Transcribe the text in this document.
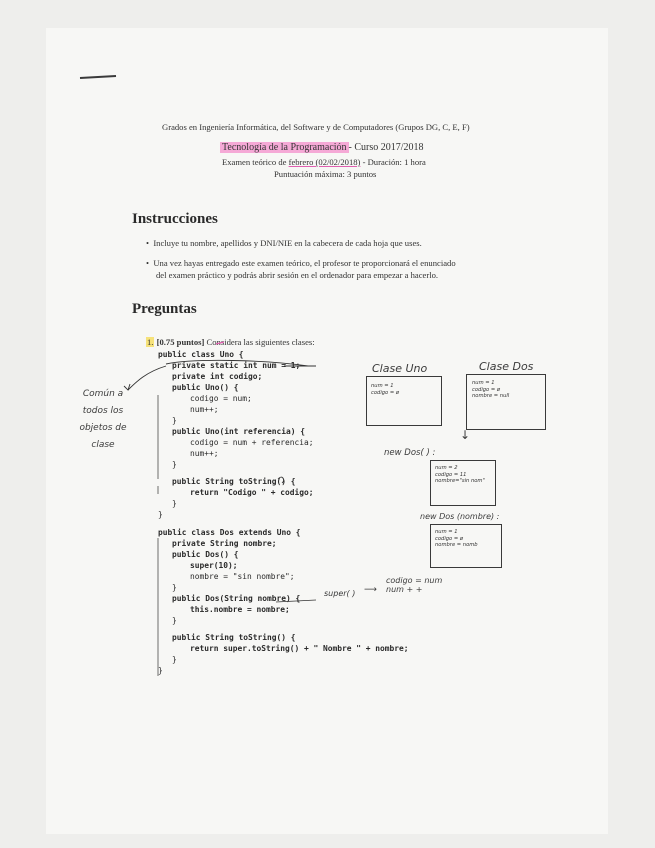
Grados en Ingeniería Informática, del Software y de Computadores (Grupos DG, C, E, F)
Tecnología de la Programación - Curso 2017/2018
Examen teórico de febrero (02/02/2018) - Duración: 1 hora
Puntuación máxima: 3 puntos
Instrucciones
•  Incluye tu nombre, apellidos y DNI/NIE en la cabecera de cada hoja que uses.
•  Una vez hayas entregado este examen teórico, el profesor te proporcionará el enunciado
del examen práctico y podrás abrir sesión en el ordenador para empezar a hacerlo.
Preguntas
1. [0.75 puntos] Considera las siguientes clases:
public class Uno {
private static int num = 1;
private int codigo;
public Uno() {
codigo = num;
num++;
}
public Uno(int referencia) {
codigo = num + referencia;
num++;
}
public String toString() {
return "Codigo " + codigo;
}
}
public class Dos extends Uno {
private String nombre;
public Dos() {
super(10);
nombre = "sin nombre";
}
public Dos(String nombre) {
this.nombre = nombre;
}
public String toString() {
return super.toString() + " Nombre " + nombre;
}
}
Común a
todos los
objetos de
clase
Clase Uno	Clase Dos
num = 1
codigo = ø
num = 1
codigo = ø
nombre = null
↓
new Dos( ) :
num = 2
codigo = 11
nombre="sin nom"
new Dos (nombre) :
num = 1
codigo = ø
nombre = nomb
super( ) ⟶
codigo = num
num + +
